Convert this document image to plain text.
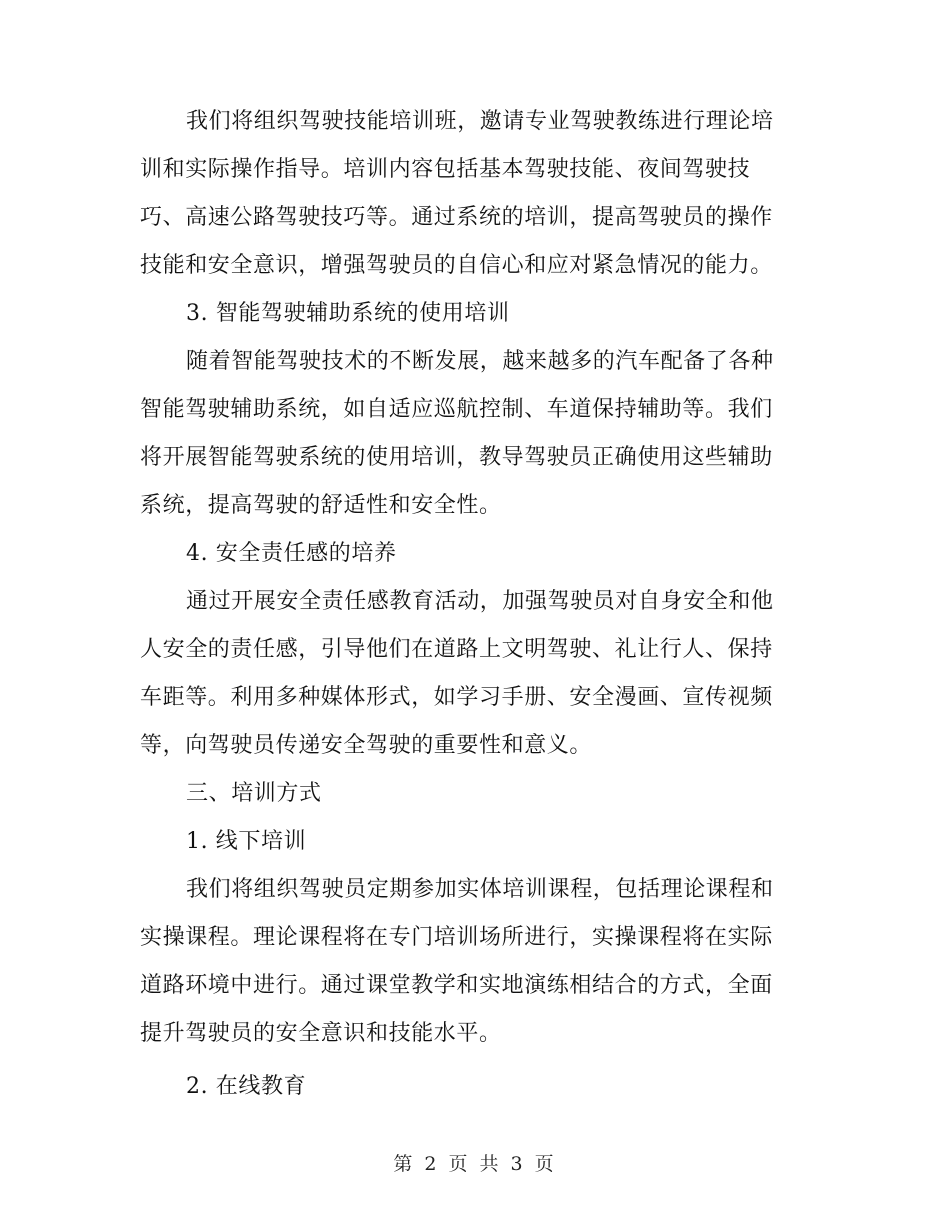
我们将组织驾驶技能培训班，邀请专业驾驶教练进行理论培
训和实际操作指导。培训内容包括基本驾驶技能、夜间驾驶技
巧、高速公路驾驶技巧等。通过系统的培训，提高驾驶员的操作
技能和安全意识，增强驾驶员的自信心和应对紧急情况的能力。

3. 智能驾驶辅助系统的使用培训

随着智能驾驶技术的不断发展，越来越多的汽车配备了各种
智能驾驶辅助系统，如自适应巡航控制、车道保持辅助等。我们
将开展智能驾驶系统的使用培训，教导驾驶员正确使用这些辅助
系统，提高驾驶的舒适性和安全性。

4. 安全责任感的培养

通过开展安全责任感教育活动，加强驾驶员对自身安全和他
人安全的责任感，引导他们在道路上文明驾驶、礼让行人、保持
车距等。利用多种媒体形式，如学习手册、安全漫画、宣传视频
等，向驾驶员传递安全驾驶的重要性和意义。

三、培训方式

1. 线下培训

我们将组织驾驶员定期参加实体培训课程，包括理论课程和
实操课程。理论课程将在专门培训场所进行，实操课程将在实际
道路环境中进行。通过课堂教学和实地演练相结合的方式，全面
提升驾驶员的安全意识和技能水平。

2. 在线教育

第 2 页 共 3 页
